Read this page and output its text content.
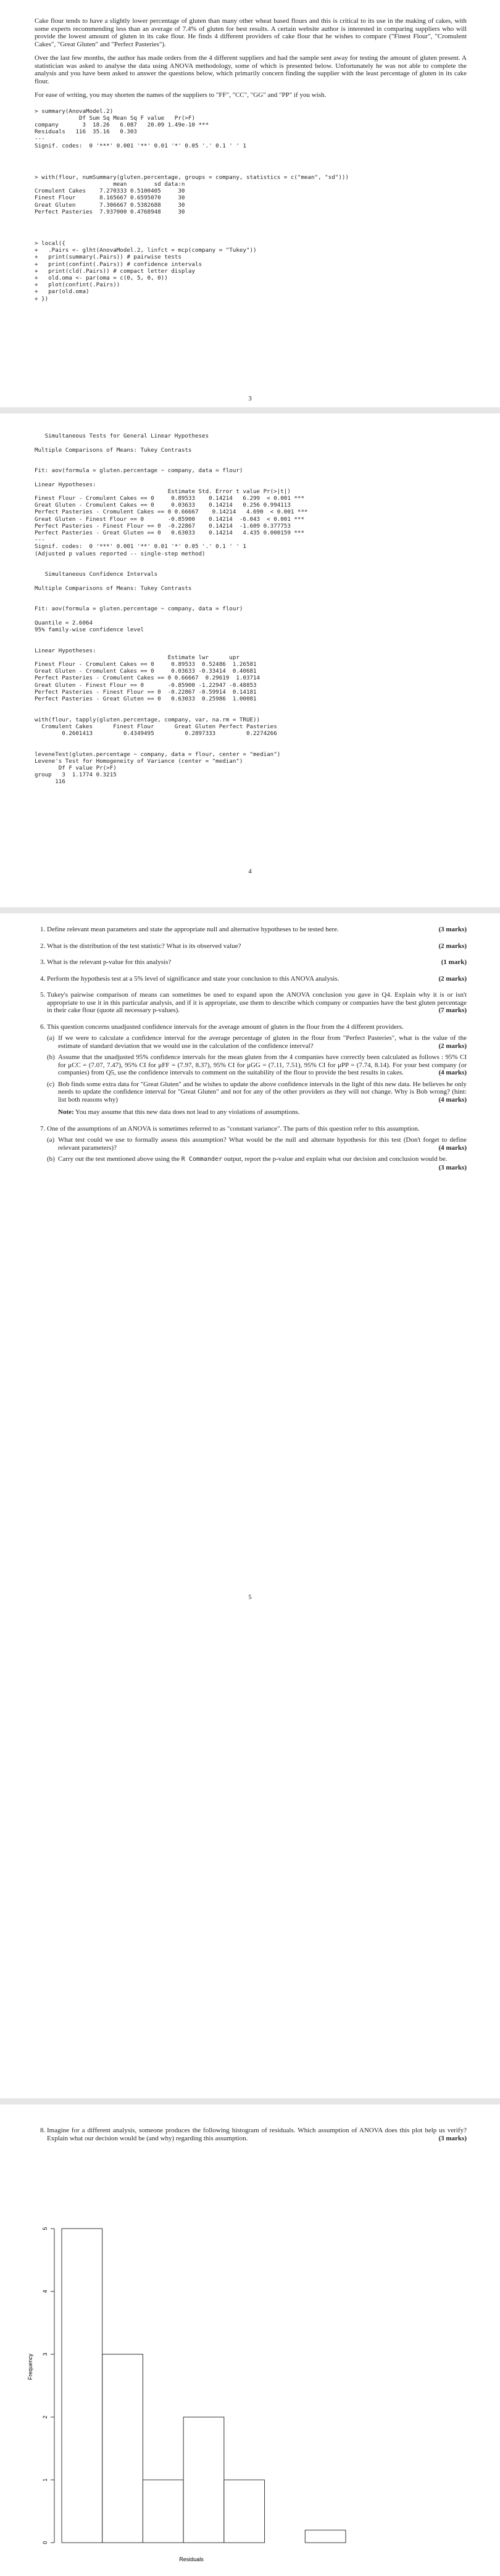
Cake flour tends to have a slightly lower percentage of gluten than many other wheat based flours and this is critical to its use in the making of cakes, with some experts recommending less than an average of 7.4% of gluten for best results. A certain website author is interested in comparing suppliers who will provide the lowest amount of gluten in its cake flour. He finds 4 different providers of cake flour that he wishes to compare ("Finest Flour", "Cromulent Cakes", "Great Gluten" and "Perfect Pasteries").

Over the last few months, the author has made orders from the 4 different suppliers and had the sample sent away for testing the amount of gluten present. A statistician was asked to analyse the data using ANOVA methodology, some of which is presented below. Unfortunately he was not able to complete the analysis and you have been asked to answer the questions below, which primarily concern finding the supplier with the least percentage of gluten in its cake flour.

For ease of writing, you may shorten the names of the suppliers to "FF", "CC", "GG" and "PP" if you wish.

> summary(AnovaModel.2)
Df Sum Sq Mean Sq F value   Pr(>F)
company       3  18.26   6.087   20.09 1.49e-10 ***
Residuals   116  35.16   0.303
---
Signif. codes:  0 '***' 0.001 '**' 0.01 '*' 0.05 '.' 0.1 ' ' 1
> with(flour, numSummary(gluten.percentage, groups = company, statistics = c("mean", "sd")))
mean        sd data:n
Cromulent Cakes    7.270333 0.5100405     30
Finest Flour       8.165667 0.6595070     30
Great Gluten       7.306667 0.5382688     30
Perfect Pasteries  7.937000 0.4768948     30
> local({
+   .Pairs <- glht(AnovaModel.2, linfct = mcp(company = "Tukey"))
+   print(summary(.Pairs)) # pairwise tests
+   print(confint(.Pairs)) # confidence intervals
+   print(cld(.Pairs)) # compact letter display
+   old.oma <- par(oma = c(0, 5, 0, 0))
+   plot(confint(.Pairs))
+   par(old.oma)
+ })
3

Simultaneous Tests for General Linear Hypotheses

Multiple Comparisons of Means: Tukey Contrasts

Fit: aov(formula = gluten.percentage ~ company, data = flour)

Linear Hypotheses:
Estimate Std. Error t value Pr(>|t|)
Finest Flour - Cromulent Cakes == 0     0.89533    0.14214   6.299  < 0.001 ***
Great Gluten - Cromulent Cakes == 0     0.03633    0.14214   0.256 0.994113
Perfect Pasteries - Cromulent Cakes == 0 0.66667    0.14214   4.690  < 0.001 ***
Great Gluten - Finest Flour == 0       -0.85900    0.14214  -6.043  < 0.001 ***
Perfect Pasteries - Finest Flour == 0  -0.22867    0.14214  -1.609 0.377753
Perfect Pasteries - Great Gluten == 0   0.63033    0.14214   4.435 0.000159 ***
---
Signif. codes:  0 '***' 0.001 '**' 0.01 '*' 0.05 '.' 0.1 ' ' 1
(Adjusted p values reported -- single-step method)

Simultaneous Confidence Intervals

Multiple Comparisons of Means: Tukey Contrasts

Fit: aov(formula = gluten.percentage ~ company, data = flour)

Quantile = 2.6064
95% family-wise confidence level

Linear Hypotheses:
Estimate lwr      upr
Finest Flour - Cromulent Cakes == 0     0.89533  0.52486  1.26581
Great Gluten - Cromulent Cakes == 0     0.03633 -0.33414  0.40681
Perfect Pasteries - Cromulent Cakes == 0 0.66667  0.29619  1.03714
Great Gluten - Finest Flour == 0       -0.85900 -1.22947 -0.48853
Perfect Pasteries - Finest Flour == 0  -0.22867 -0.59914  0.14181
Perfect Pasteries - Great Gluten == 0   0.63033  0.25986  1.00081

with(flour, tapply(gluten.percentage, company, var, na.rm = TRUE))
Cromulent Cakes      Finest Flour      Great Gluten Perfect Pasteries
0.2601413         0.4349495         0.2897333         0.2274266

leveneTest(gluten.percentage ~ company, data = flour, center = "median")
Levene's Test for Homogeneity of Variance (center = "median")
Df F value Pr(>F)
group   3  1.1774 0.3215
116
4
1. Define relevant mean parameters and state the appropriate null and alternative hypotheses to be tested here.	(3 marks)
2. What is the distribution of the test statistic? What is its observed value?	(2 marks)
3. What is the relevant p-value for this analysis?	(1 mark)
4. Perform the hypothesis test at a 5% level of significance and state your conclusion to this ANOVA analysis.	(2 marks)
5. Tukey's pairwise comparison of means can sometimes be used to expand upon the ANOVA conclusion you gave in Q4. Explain why it is or isn't appropriate to use it in this particular analysis, and if it is appropriate, use them to describe which company or companies have the best gluten percentage in their cake flour (quote all necessary p-values).	(7 marks)
6. This question concerns unadjusted confidence intervals for the average amount of gluten in the flour from the 4 different providers.
(a) If we were to calculate a confidence interval for the average percentage of gluten in the flour from "Perfect Pasteries", what is the value of the estimate of standard deviation that we would use in the calculation of the confidence interval?	(2 marks)
(b) Assume that the unadjusted 95% confidence intervals for the mean gluten from the 4 companies have correctly been calculated as follows : 95% CI for μCC = (7.07, 7.47), 95% CI for μFF = (7.97, 8.37), 95% CI for μGG = (7.11, 7.51), 95% CI for μPP = (7.74, 8.14). For your best company (or companies) from Q5, use the confidence intervals to comment on the suitability of the flour to provide the best results in cakes.	(4 marks)
(c) Bob finds some extra data for "Great Gluten" and he wishes to update the above confidence intervals in the light of this new data. He believes he only needs to update the confidence interval for "Great Gluten" and not for any of the other providers as they will not change. Why is Bob wrong? (hint: list both reasons why)	(4 marks)
Note: You may assume that this new data does not lead to any violations of assumptions.
7. One of the assumptions of an ANOVA is sometimes referred to as "constant variance". The parts of this question refer to this assumption.
(a) What test could we use to formally assess this assumption? What would be the null and alternate hypothesis for this test (Don't forget to define relevant parameters)?	(4 marks)
(b) Carry out the test mentioned above using the R Commander output, report the p-value and explain what our decision and conclusion would be.
(3 marks)
5
8. Imagine for a different analysis, someone produces the following histogram of residuals. Which assumption of ANOVA does this plot help us verify? Explain what our decision would be (and why) regarding this assumption.	(3 marks)
0
1
2
3
4
5
Frequency
Residuals
